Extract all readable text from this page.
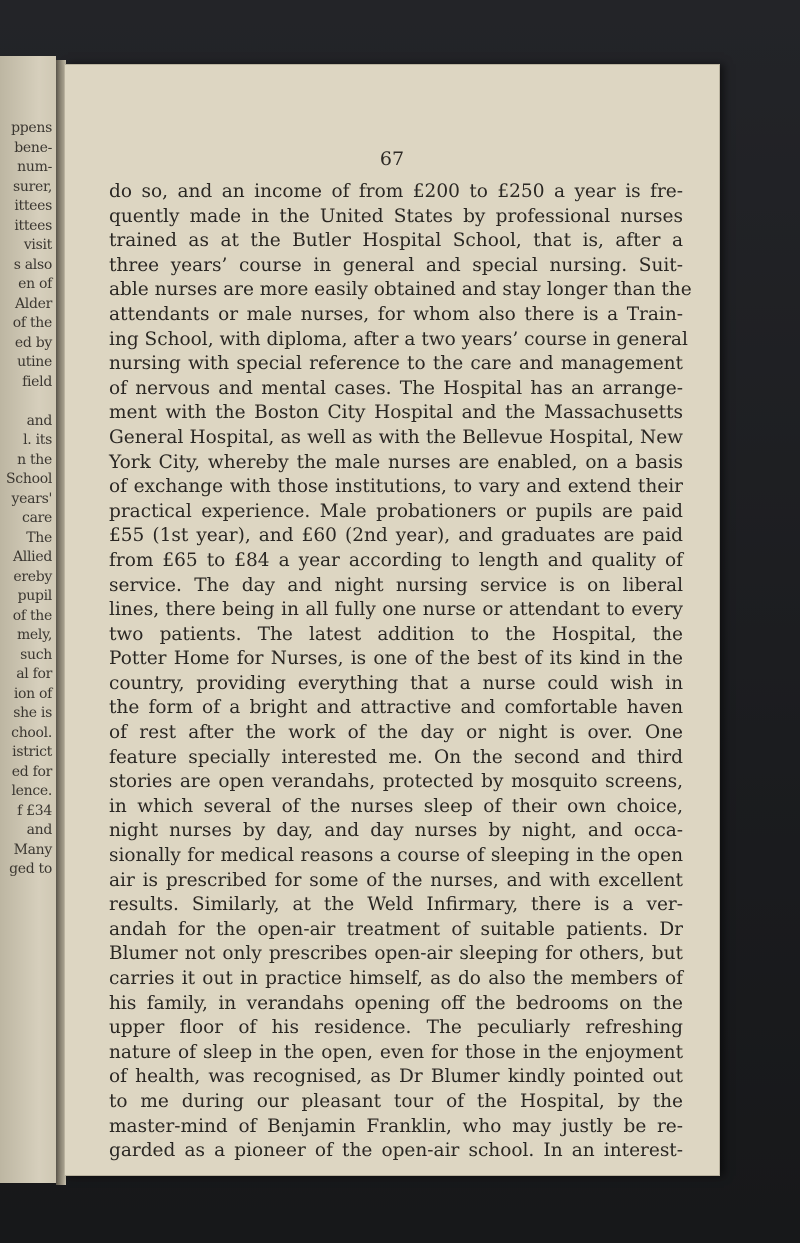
ppens
bene-
num-
surer,
ittees
ittees
visit
s also
en of
Alder
of the
ed by
utine
field
and
l. its
n the
School
years'
care
The
Allied
ereby
pupil
of the
mely,
such
al for
ion of
she is
chool.
istrict
ed for
lence.
f £34
and
Many
ged to
67
do so, and an income of from £200 to £250 a year is fre-
quently made in the United States by professional nurses
trained as at the Butler Hospital School, that is, after a
three years’ course in general and special nursing. Suit-
able nurses are more easily obtained and stay longer than the
attendants or male nurses, for whom also there is a Train-
ing School, with diploma, after a two years’ course in general
nursing with special reference to the care and management
of nervous and mental cases. The Hospital has an arrange-
ment with the Boston City Hospital and the Massachusetts
General Hospital, as well as with the Bellevue Hospital, New
York City, whereby the male nurses are enabled, on a basis
of exchange with those institutions, to vary and extend their
practical experience. Male probationers or pupils are paid
£55 (1st year), and £60 (2nd year), and graduates are paid
from £65 to £84 a year according to length and quality of
service. The day and night nursing service is on liberal
lines, there being in all fully one nurse or attendant to every
two patients. The latest addition to the Hospital, the
Potter Home for Nurses, is one of the best of its kind in the
country, providing everything that a nurse could wish in
the form of a bright and attractive and comfortable haven
of rest after the work of the day or night is over. One
feature specially interested me. On the second and third
stories are open verandahs, protected by mosquito screens,
in which several of the nurses sleep of their own choice,
night nurses by day, and day nurses by night, and occa-
sionally for medical reasons a course of sleeping in the open
air is prescribed for some of the nurses, and with excellent
results. Similarly, at the Weld Infirmary, there is a ver-
andah for the open-air treatment of suitable patients. Dr
Blumer not only prescribes open-air sleeping for others, but
carries it out in practice himself, as do also the members of
his family, in verandahs opening off the bedrooms on the
upper floor of his residence. The peculiarly refreshing
nature of sleep in the open, even for those in the enjoyment
of health, was recognised, as Dr Blumer kindly pointed out
to me during our pleasant tour of the Hospital, by the
master-mind of Benjamin Franklin, who may justly be re-
garded as a pioneer of the open-air school. In an interest-
